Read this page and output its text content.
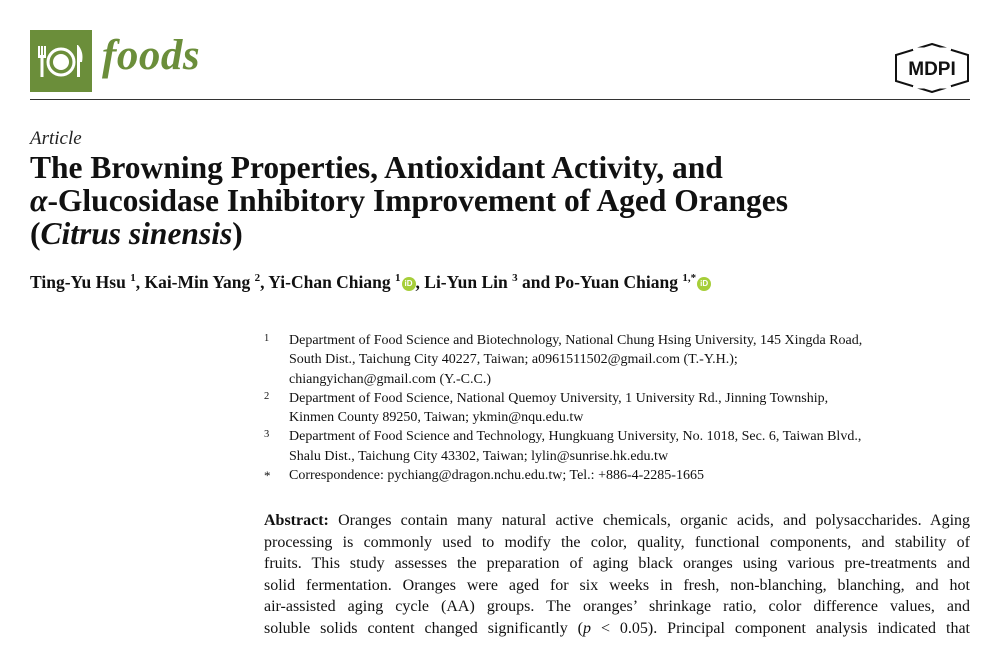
foods	MDPI
Article
The Browning Properties, Antioxidant Activity, and
α-Glucosidase Inhibitory Improvement of Aged Oranges
(Citrus sinensis)
Ting-Yu Hsu $^1$, Kai-Min Yang $^2$, Yi-Chan Chiang $^1$ iD , Li-Yun Lin $^3$ and Po-Yuan Chiang $^{1,*}$ iD
1 Department of Food Science and Biotechnology, National Chung Hsing University, 145 Xingda Road,
South Dist., Taichung City 40227, Taiwan; a0961511502@gmail.com (T.-Y.H.);
chiangyichan@gmail.com (Y.-C.C.)
2 Department of Food Science, National Quemoy University, 1 University Rd., Jinning Township,
Kinmen County 89250, Taiwan; ykmin@nqu.edu.tw
3 Department of Food Science and Technology, Hungkuang University, No. 1018, Sec. 6, Taiwan Blvd.,
Shalu Dist., Taichung City 43302, Taiwan; lylin@sunrise.hk.edu.tw
* Correspondence: pychiang@dragon.nchu.edu.tw; Tel.: +886-4-2285-1665
Abstract: Oranges contain many natural active chemicals, organic acids, and polysaccharides. Aging
processing is commonly used to modify the color, quality, functional components, and stability of
fruits. This study assesses the preparation of aging black oranges using various pre-treatments and
solid fermentation. Oranges were aged for six weeks in fresh, non-blanching, blanching, and hot
air-assisted aging cycle (AA) groups. The oranges’ shrinkage ratio, color difference values, and
soluble solids content changed significantly (p < 0.05). Principal component analysis indicated that
